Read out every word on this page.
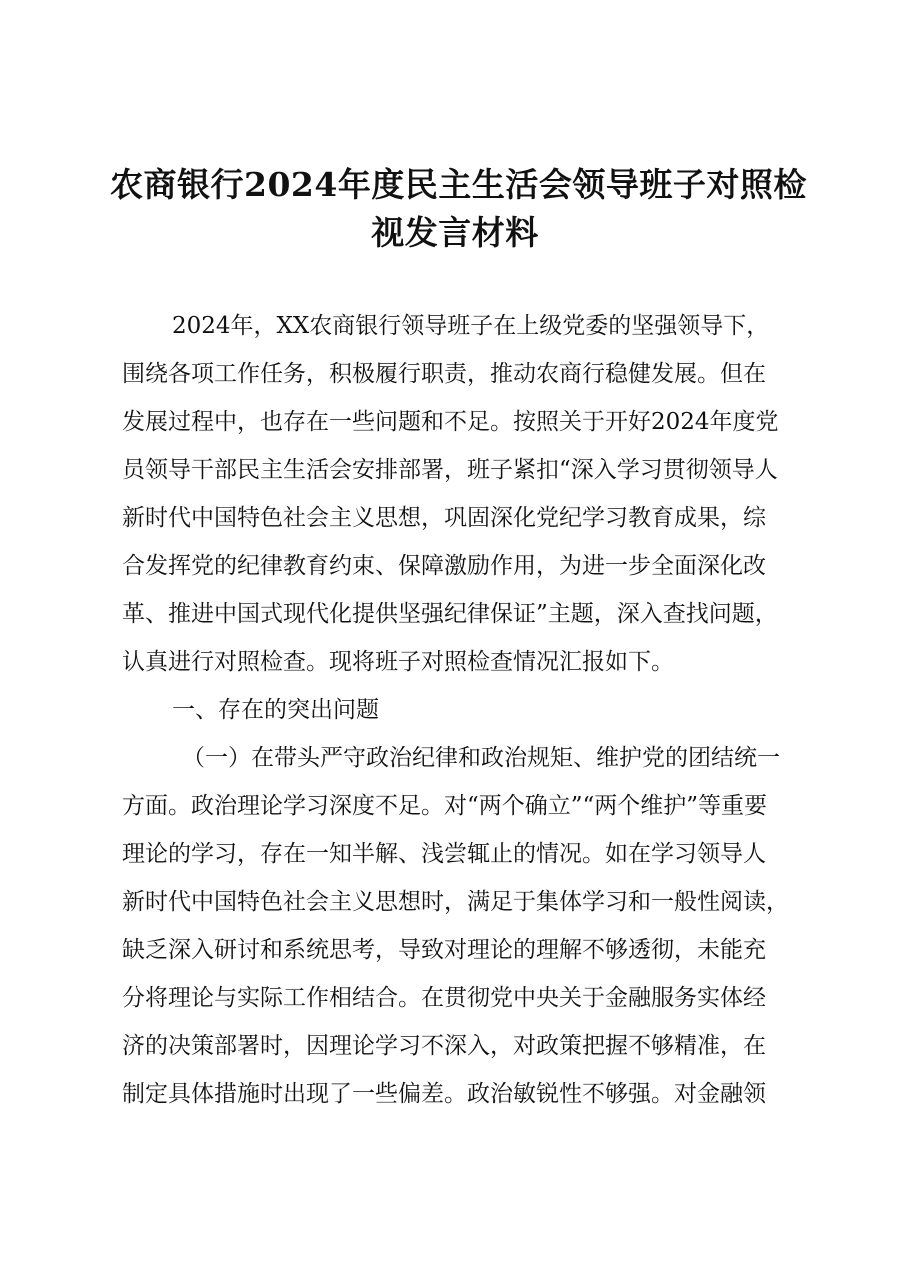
农商银行2024年度民主生活会领导班子对照检
视发言材料
2024年，XX农商银行领导班子在上级党委的坚强领导下，
围绕各项工作任务，积极履行职责，推动农商行稳健发展。但在
发展过程中，也存在一些问题和不足。按照关于开好2024年度党
员领导干部民主生活会安排部署，班子紧扣“深入学习贯彻领导人
新时代中国特色社会主义思想，巩固深化党纪学习教育成果，综
合发挥党的纪律教育约束、保障激励作用，为进一步全面深化改
革、推进中国式现代化提供坚强纪律保证”主题，深入查找问题，
认真进行对照检查。现将班子对照检查情况汇报如下。
一、存在的突出问题
（一）在带头严守政治纪律和政治规矩、维护党的团结统一
方面。政治理论学习深度不足。对“两个确立”“两个维护”等重要
理论的学习，存在一知半解、浅尝辄止的情况。如在学习领导人
新时代中国特色社会主义思想时，满足于集体学习和一般性阅读，
缺乏深入研讨和系统思考，导致对理论的理解不够透彻，未能充
分将理论与实际工作相结合。在贯彻党中央关于金融服务实体经
济的决策部署时，因理论学习不深入，对政策把握不够精准，在
制定具体措施时出现了一些偏差。政治敏锐性不够强。对金融领
